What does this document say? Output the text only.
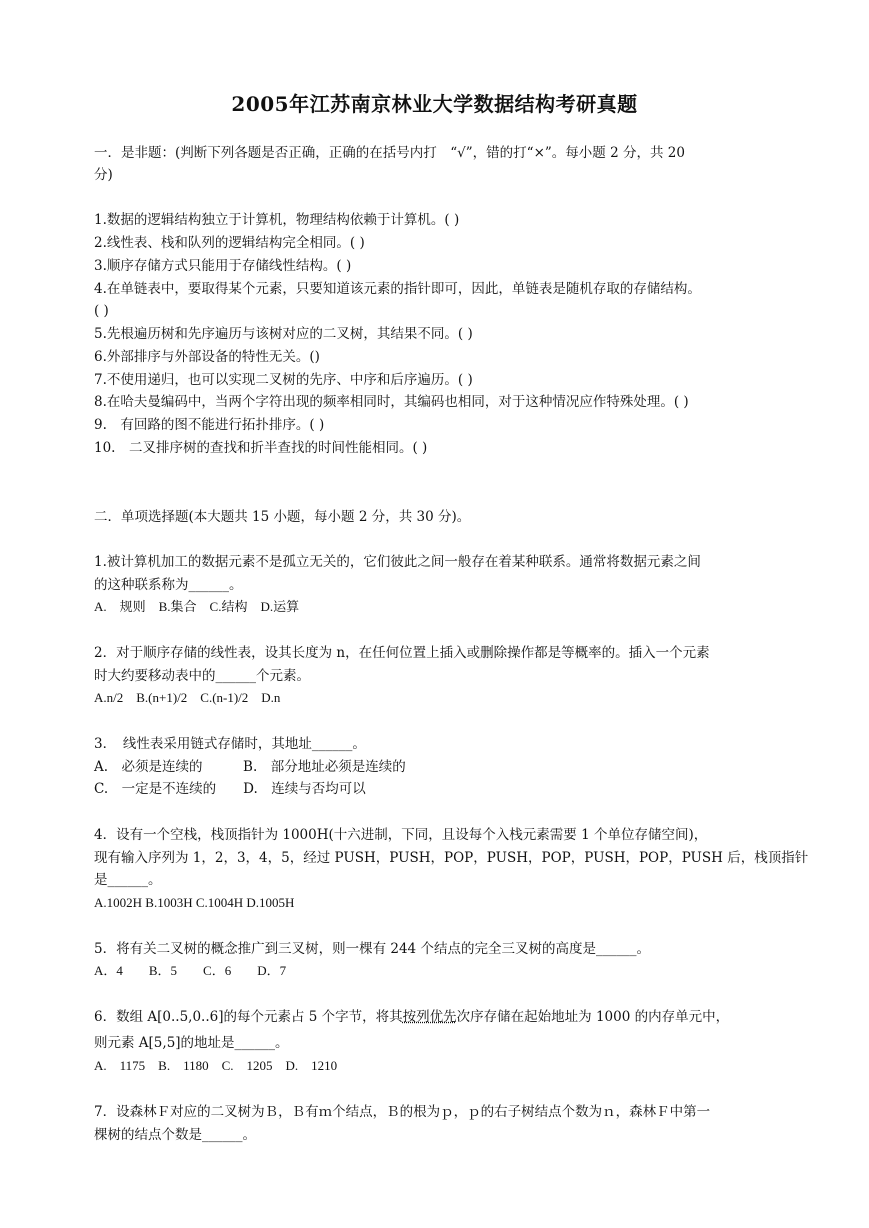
2005年江苏南京林业大学数据结构考研真题
一．是非题：(判断下列各题是否正确，正确的在括号内打　“√”，错的打“×”。每小题 2 分，共 20
分)
1.数据的逻辑结构独立于计算机，物理结构依赖于计算机。( )
2.线性表、栈和队列的逻辑结构完全相同。( )
3.顺序存储方式只能用于存储线性结构。( )
4.在单链表中，要取得某个元素，只要知道该元素的指针即可，因此，单链表是随机存取的存储结构。
( )
5.先根遍历树和先序遍历与该树对应的二叉树，其结果不同。( )
6.外部排序与外部设备的特性无关。()
7.不使用递归，也可以实现二叉树的先序、中序和后序遍历。( )
8.在哈夫曼编码中，当两个字符出现的频率相同时，其编码也相同，对于这种情况应作特殊处理。( )
9.　有回路的图不能进行拓扑排序。( )
10.　二叉排序树的查找和折半查找的时间性能相同。( )
二．单项选择题(本大题共 15 小题，每小题 2 分，共 30 分)。
1.被计算机加工的数据元素不是孤立无关的，它们彼此之间一般存在着某种联系。通常将数据元素之间
的这种联系称为______。
A.　规则　B.集合　C.结构　D.运算
2．对于顺序存储的线性表，设其长度为 n，在任何位置上插入或删除操作都是等概率的。插入一个元素
时大约要移动表中的______个元素。
A.n/2　B.(n+1)/2　C.(n-1)/2　D.n
3．　线性表采用链式存储时，其地址______。
A.　必须是连续的　　　B.　部分地址必须是连续的
C.　一定是不连续的　　D.　连续与否均可以
4．设有一个空栈，栈顶指针为 1000H(十六进制，下同，且设每个入栈元素需要 1 个单位存储空间)，
现有输入序列为 1，2，3，4，5，经过 PUSH，PUSH，POP，PUSH，POP，PUSH，POP，PUSH 后，栈顶指针
是______。
A.1002H B.1003H C.1004H D.1005H
5．将有关二叉树的概念推广到三叉树，则一棵有 244 个结点的完全三叉树的高度是______。
A．4　　B．5　　C．6　　D．7
6．数组 A[0..5,0..6]的每个元素占 5 个字节，将其按列优先次序存储在起始地址为 1000 的内存单元中，
则元素 A[5,5]的地址是______。
A.　1175　B.　1180　C.　1205　D.　1210
7．设森林Ｆ对应的二叉树为Ｂ，Ｂ有ｍ个结点，Ｂ的根为ｐ，ｐ的右子树结点个数为ｎ，森林Ｆ中第一
棵树的结点个数是______。
